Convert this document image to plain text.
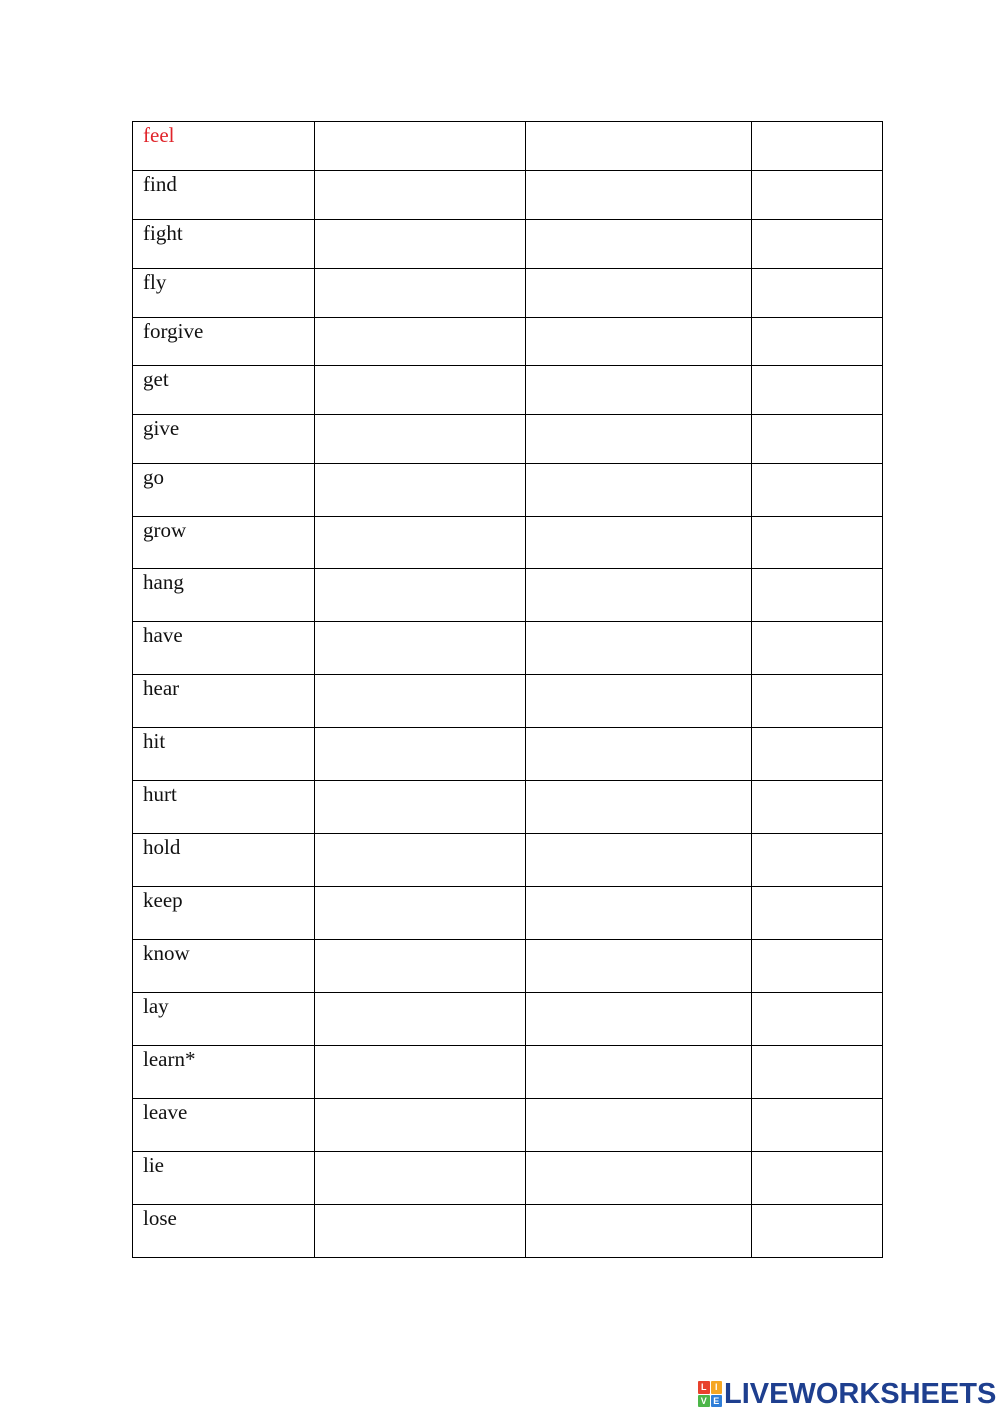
feel	

find	

fight	

fly	

forgive	

get	

give	

go	

grow	

hang	

have	

hear	

hit	

hurt	

hold	

keep	

know	

lay	

learn*	

leave	

lie	

lose	

L I
V E LIVEWORKSHEETS
